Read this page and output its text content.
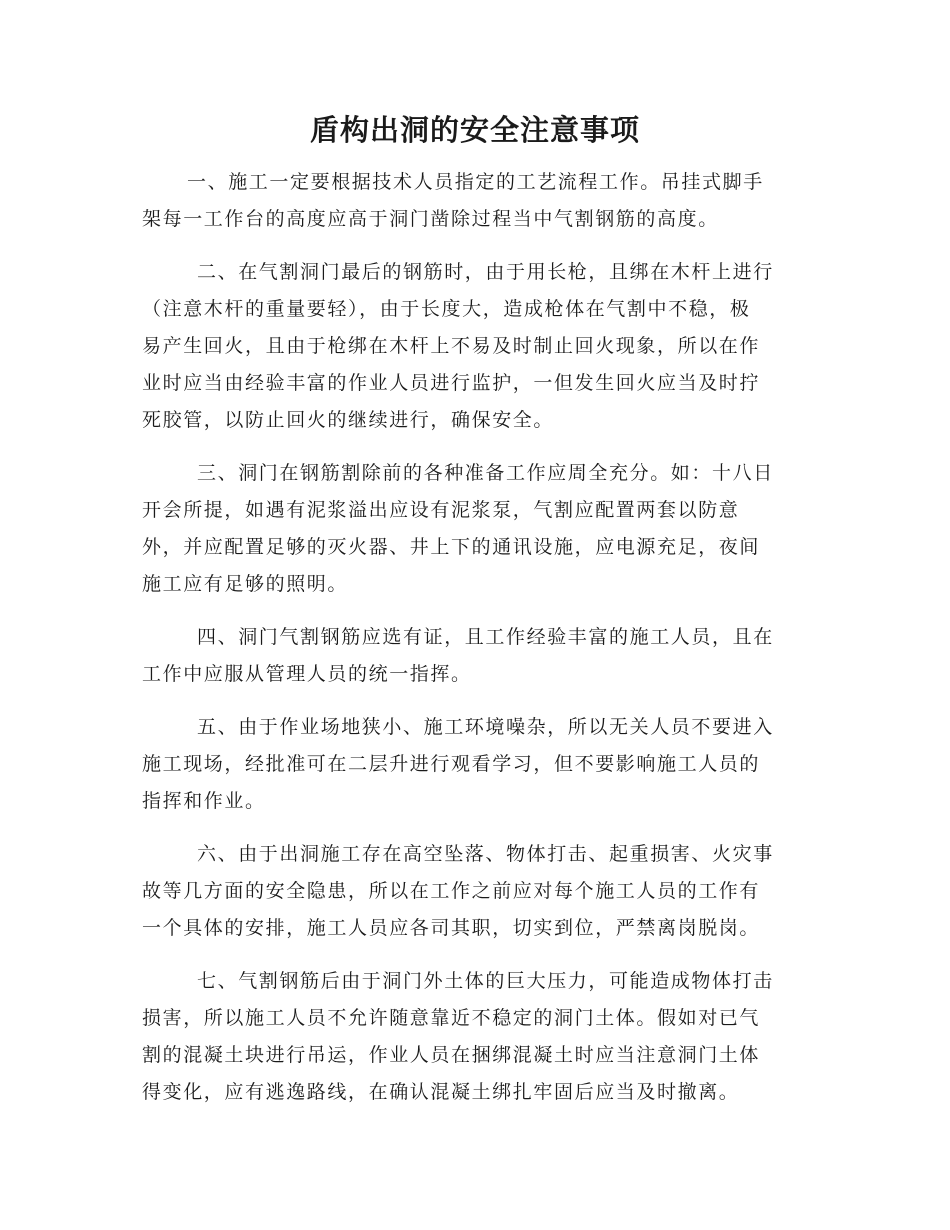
盾构出洞的安全注意事项
一、施工一定要根据技术人员指定的工艺流程工作。吊挂式脚手
架每一工作台的高度应高于洞门凿除过程当中气割钢筋的高度。
二、在气割洞门最后的钢筋时，由于用长枪，且绑在木杆上进行
（注意木杆的重量要轻），由于长度大，造成枪体在气割中不稳，极
易产生回火，且由于枪绑在木杆上不易及时制止回火现象，所以在作
业时应当由经验丰富的作业人员进行监护，一但发生回火应当及时拧
死胶管，以防止回火的继续进行，确保安全。
三、洞门在钢筋割除前的各种准备工作应周全充分。如：十八日
开会所提，如遇有泥浆溢出应设有泥浆泵，气割应配置两套以防意
外，并应配置足够的灭火器、井上下的通讯设施，应电源充足，夜间
施工应有足够的照明。
四、洞门气割钢筋应选有证，且工作经验丰富的施工人员，且在
工作中应服从管理人员的统一指挥。
五、由于作业场地狭小、施工环境噪杂，所以无关人员不要进入
施工现场，经批准可在二层升进行观看学习，但不要影响施工人员的
指挥和作业。
六、由于出洞施工存在高空坠落、物体打击、起重损害、火灾事
故等几方面的安全隐患，所以在工作之前应对每个施工人员的工作有
一个具体的安排，施工人员应各司其职，切实到位，严禁离岗脱岗。
七、气割钢筋后由于洞门外土体的巨大压力，可能造成物体打击
损害，所以施工人员不允许随意靠近不稳定的洞门土体。假如对已气
割的混凝土块进行吊运，作业人员在捆绑混凝土时应当注意洞门土体
得变化，应有逃逸路线，在确认混凝土绑扎牢固后应当及时撤离。
